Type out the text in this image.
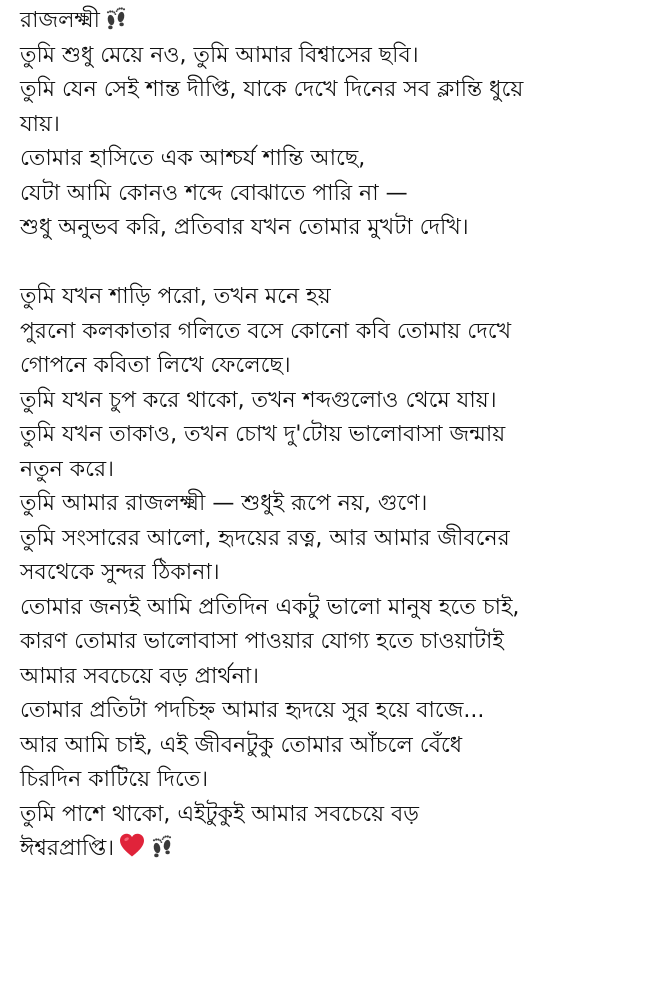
রাজলক্ষ্মী
তুমি শুধু মেয়ে নও, তুমি আমার বিশ্বাসের ছবি।
তুমি যেন সেই শান্ত দীপ্তি, যাকে দেখে দিনের সব ক্লান্তি ধুয়ে
যায়।
তোমার হাসিতে এক আশ্চর্য শান্তি আছে,
যেটা আমি কোনও শব্দে বোঝাতে পারি না —
শুধু অনুভব করি, প্রতিবার যখন তোমার মুখটা দেখি।
তুমি যখন শাড়ি পরো, তখন মনে হয়
পুরনো কলকাতার গলিতে বসে কোনো কবি তোমায় দেখে
গোপনে কবিতা লিখে ফেলেছে।
তুমি যখন চুপ করে থাকো, তখন শব্দগুলোও থেমে যায়।
তুমি যখন তাকাও, তখন চোখ দু'টোয় ভালোবাসা জন্মায়
নতুন করে।
তুমি আমার রাজলক্ষ্মী — শুধুই রূপে নয়, গুণে।
তুমি সংসারের আলো, হৃদয়ের রত্ন, আর আমার জীবনের
সবথেকে সুন্দর ঠিকানা।
তোমার জন্যই আমি প্রতিদিন একটু ভালো মানুষ হতে চাই,
কারণ তোমার ভালোবাসা পাওয়ার যোগ্য হতে চাওয়াটাই
আমার সবচেয়ে বড় প্রার্থনা।
তোমার প্রতিটা পদচিহ্ন আমার হৃদয়ে সুর হয়ে বাজে...
আর আমি চাই, এই জীবনটুকু তোমার আঁচলে বেঁধে
চিরদিন কাটিয়ে দিতে।
তুমি পাশে থাকো, এইটুকুই আমার সবচেয়ে বড়
ঈশ্বরপ্রাপ্তি।
